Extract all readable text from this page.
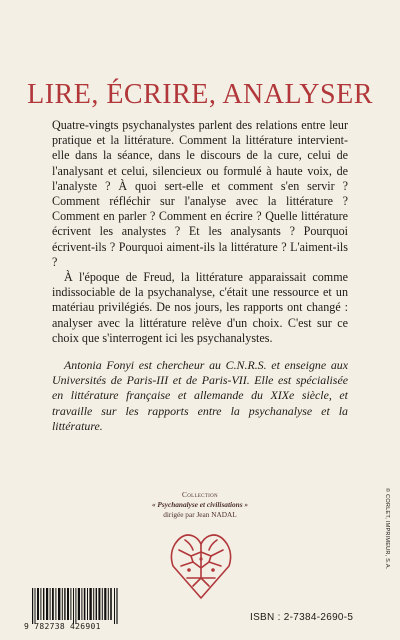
LIRE, ÉCRIRE, ANALYSER

Quatre-vingts psychanalystes parlent des relations entre leur pratique et la littérature. Comment la littérature intervient-elle dans la séance, dans le discours de la cure, celui de l'analysant et celui, silencieux ou formulé à haute voix, de l'analyste ? À quoi sert-elle et comment s'en servir ? Comment réfléchir sur l'analyse avec la littérature ? Comment en parler ? Comment en écrire ? Quelle littérature écrivent les analystes ? Et les analysants ? Pourquoi écrivent-ils ? Pourquoi aiment-ils la littérature ? L'aiment-ils ?

À l'époque de Freud, la littérature apparaissait comme indissociable de la psychanalyse, c'était une ressource et un matériau privilégiés. De nos jours, les rapports ont changé : analyser avec la littérature relève d'un choix. C'est sur ce choix que s'interrogent ici les psychanalystes.

Antonia Fonyi est chercheur au C.N.R.S. et enseigne aux Universités de Paris-III et de Paris-VII. Elle est spécialisée en littérature française et allemande du XIXe siècle, et travaille sur les rapports entre la psychanalyse et la littérature.

Collection
« Psychanalyse et civilisations »
dirigée par Jean NADAL
9 782738 426901
ISBN : 2-7384-2690-5
© CORLET, IMPRIMEUR, S.A.
